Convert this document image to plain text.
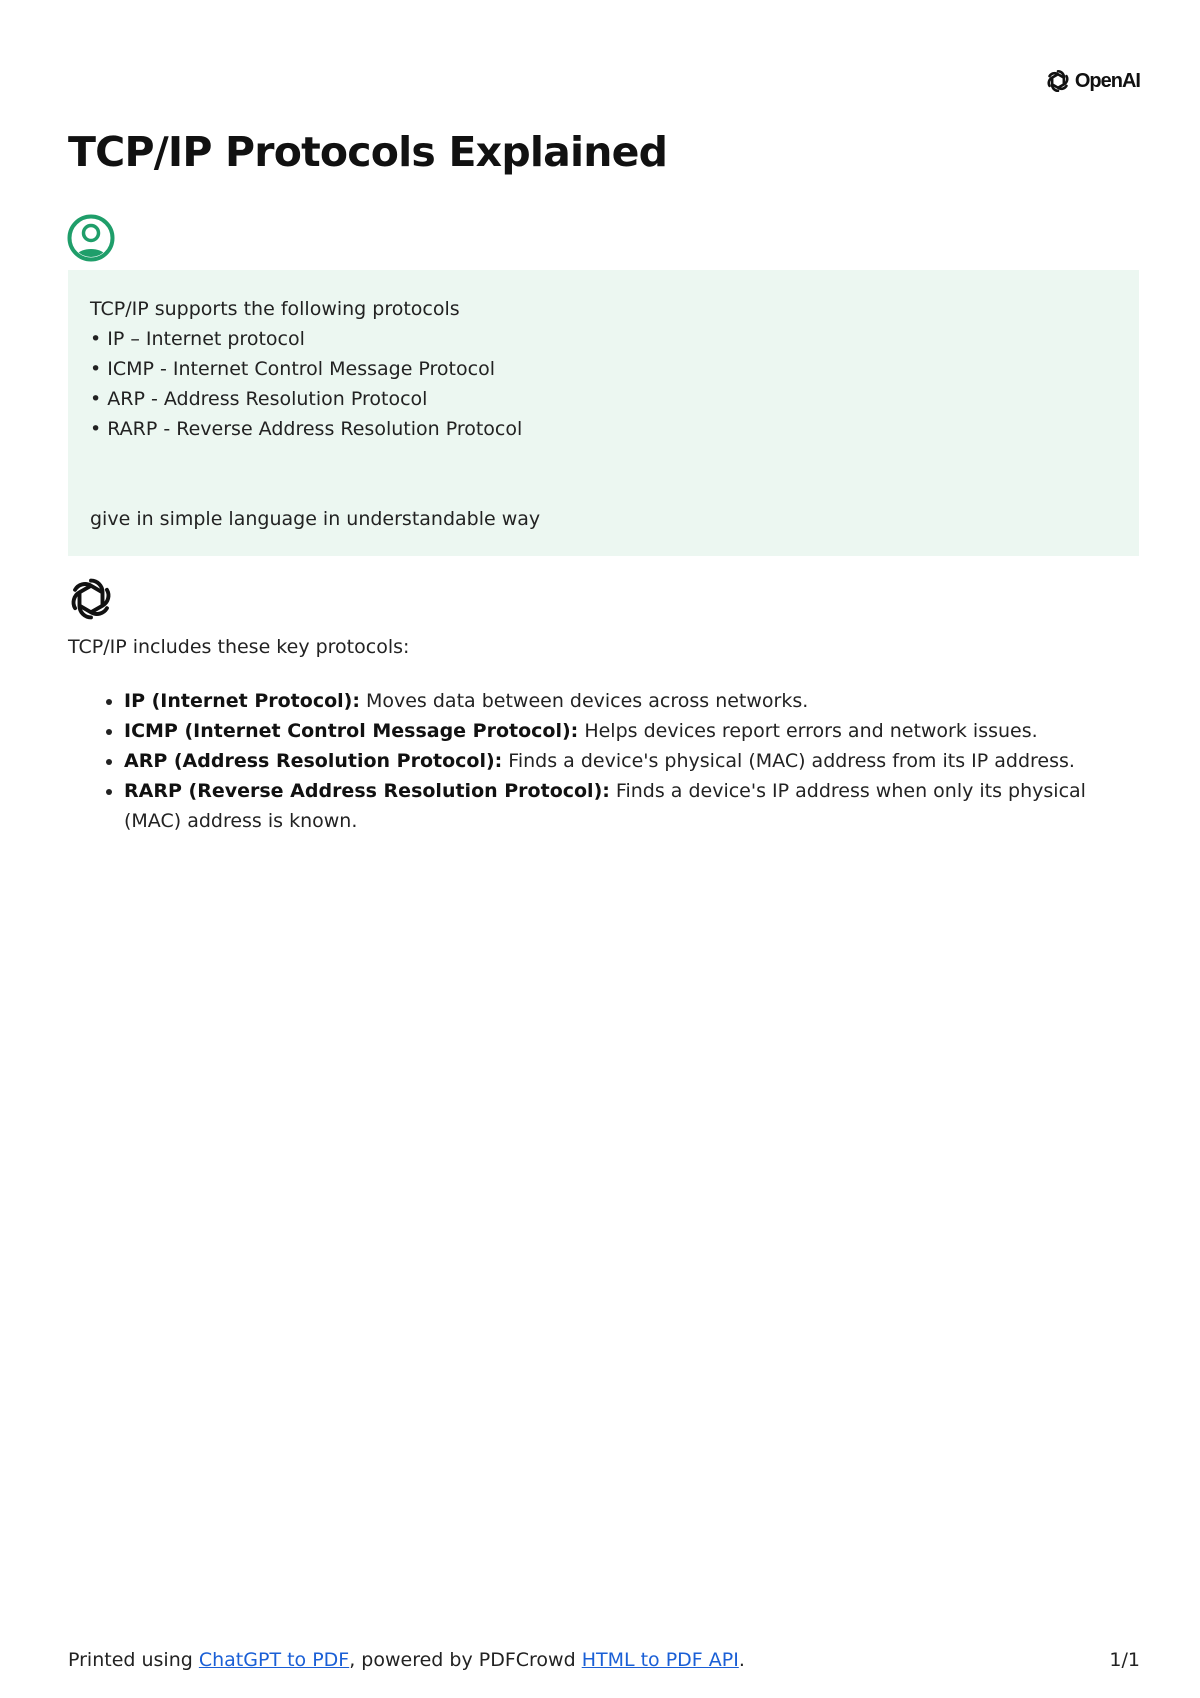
OpenAI
TCP/IP Protocols Explained
TCP/IP supports the following protocols
• IP – Internet protocol
• ICMP - Internet Control Message Protocol
• ARP - Address Resolution Protocol
• RARP - Reverse Address Resolution Protocol
give in simple language in understandable way

TCP/IP includes these key protocols:

• IP (Internet Protocol): Moves data between devices across networks.
• ICMP (Internet Control Message Protocol): Helps devices report errors and network issues.
• ARP (Address Resolution Protocol): Finds a device's physical (MAC) address from its IP address.
• RARP (Reverse Address Resolution Protocol): Finds a device's IP address when only its physical (MAC) address is known.
Printed using ChatGPT to PDF, powered by PDFCrowd HTML to PDF API.	1/1
